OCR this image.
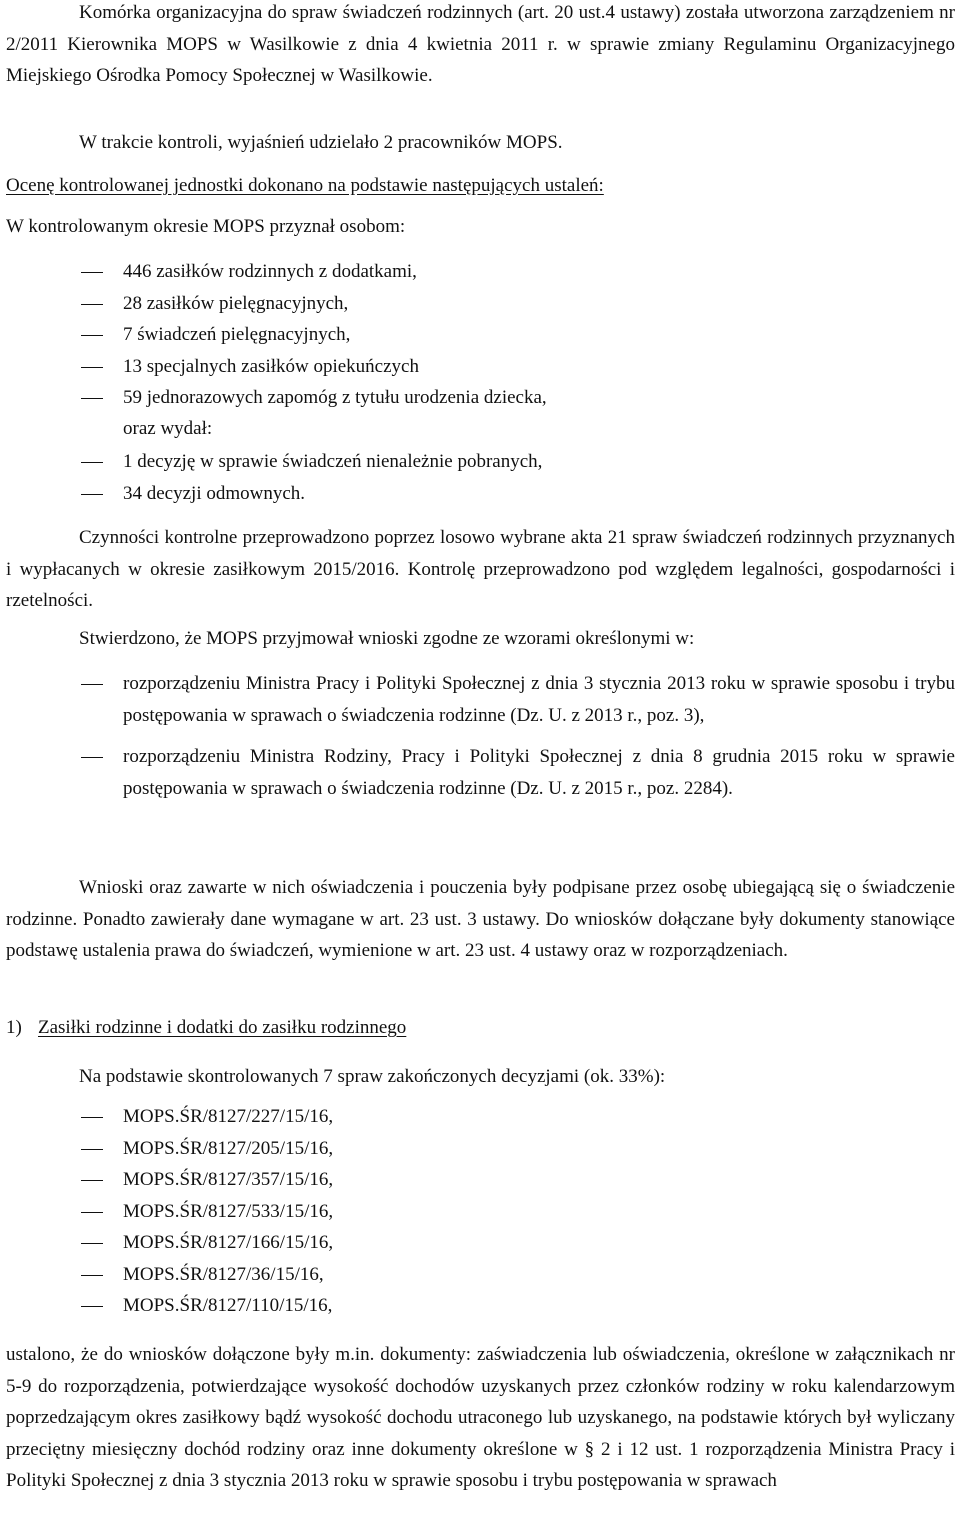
Komórka organizacyjna do spraw świadczeń rodzinnych (art. 20 ust.4 ustawy) została utworzona zarządzeniem nr 2/2011 Kierownika MOPS w Wasilkowie z dnia 4 kwietnia 2011 r. w sprawie zmiany Regulaminu Organizacyjnego Miejskiego Ośrodka Pomocy Społecznej w Wasilkowie.
W trakcie kontroli, wyjaśnień udzielało 2 pracowników MOPS.
Ocenę kontrolowanej jednostki dokonano na podstawie następujących ustaleń:
W kontrolowanym okresie MOPS przyznał osobom:
446 zasiłków rodzinnych z dodatkami,
28 zasiłków pielęgnacyjnych,
7 świadczeń pielęgnacyjnych,
13 specjalnych zasiłków opiekuńczych
59 jednorazowych zapomóg z tytułu urodzenia dziecka,
oraz wydał:
1 decyzję w sprawie świadczeń nienależnie pobranych,
34 decyzji odmownych.
Czynności kontrolne przeprowadzono poprzez losowo wybrane akta 21 spraw świadczeń rodzinnych przyznanych i wypłacanych w okresie zasiłkowym 2015/2016. Kontrolę przeprowadzono pod względem legalności, gospodarności i rzetelności.
Stwierdzono, że MOPS przyjmował wnioski zgodne ze wzorami określonymi w:
rozporządzeniu Ministra Pracy i Polityki Społecznej z dnia 3 stycznia 2013 roku w sprawie sposobu i trybu postępowania w sprawach o świadczenia rodzinne (Dz. U. z 2013 r., poz. 3),
rozporządzeniu Ministra Rodziny, Pracy i Polityki Społecznej z dnia 8 grudnia 2015 roku w sprawie postępowania w sprawach o świadczenia rodzinne (Dz. U. z 2015 r., poz. 2284).
Wnioski oraz zawarte w nich oświadczenia i pouczenia były podpisane przez osobę ubiegającą się o świadczenie rodzinne. Ponadto zawierały dane wymagane w art. 23 ust. 3 ustawy. Do wniosków dołączane były dokumenty stanowiące podstawę ustalenia prawa do świadczeń, wymienione w art. 23 ust. 4 ustawy oraz w rozporządzeniach.
1) Zasiłki rodzinne i dodatki do zasiłku rodzinnego
Na podstawie skontrolowanych 7 spraw zakończonych decyzjami (ok. 33%):
MOPS.ŚR/8127/227/15/16,
MOPS.ŚR/8127/205/15/16,
MOPS.ŚR/8127/357/15/16,
MOPS.ŚR/8127/533/15/16,
MOPS.ŚR/8127/166/15/16,
MOPS.ŚR/8127/36/15/16,
MOPS.ŚR/8127/110/15/16,
ustalono, że do wniosków dołączone były m.in. dokumenty: zaświadczenia lub oświadczenia, określone w załącznikach nr 5-9 do rozporządzenia, potwierdzające wysokość dochodów uzyskanych przez członków rodziny w roku kalendarzowym poprzedzającym okres zasiłkowy bądź wysokość dochodu utraconego lub uzyskanego, na podstawie których był wyliczany przeciętny miesięczny dochód rodziny oraz inne dokumenty określone w § 2 i 12 ust. 1 rozporządzenia Ministra Pracy i Polityki Społecznej z dnia 3 stycznia 2013 roku w sprawie sposobu i trybu postępowania w sprawach
